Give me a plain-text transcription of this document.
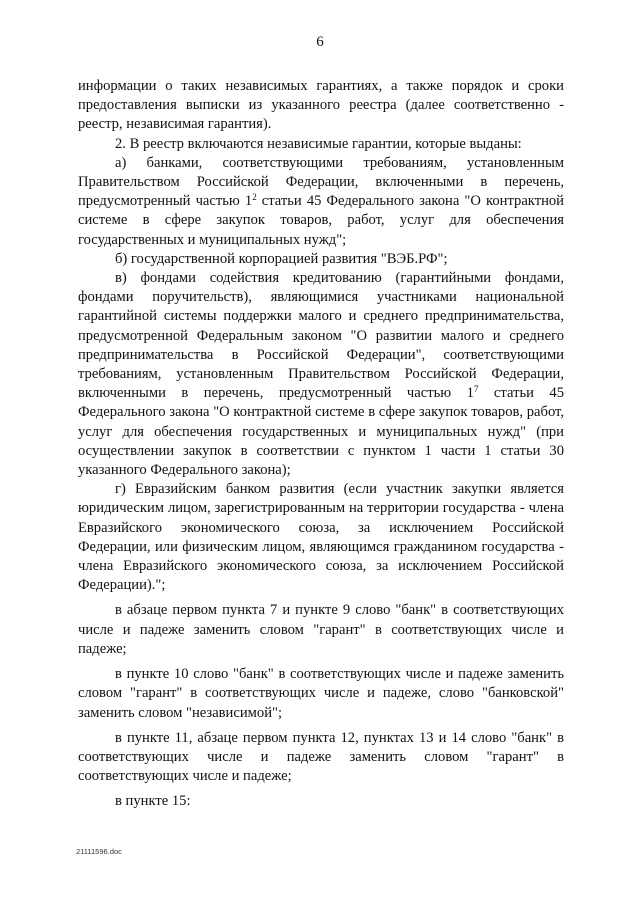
6

информации о таких независимых гарантиях, а также порядок и сроки предоставления выписки из указанного реестра (далее соответственно - реестр, независимая гарантия).

2. В реестр включаются независимые гарантии, которые выданы:

а) банками, соответствующими требованиям, установленным Правительством Российской Федерации, включенными в перечень, предусмотренный частью $1^2$ статьи 45 Федерального закона "О контрактной системе в сфере закупок товаров, работ, услуг для обеспечения государственных и муниципальных нужд";

б) государственной корпорацией развития "ВЭБ.РФ";

в) фондами содействия кредитованию (гарантийными фондами, фондами поручительств), являющимися участниками национальной гарантийной системы поддержки малого и среднего предпринимательства, предусмотренной Федеральным законом "О развитии малого и среднего предпринимательства в Российской Федерации", соответствующими требованиям, установленным Правительством Российской Федерации, включенными в перечень, предусмотренный частью $1^7$ статьи 45 Федерального закона "О контрактной системе в сфере закупок товаров, работ, услуг для обеспечения государственных и муниципальных нужд" (при осуществлении закупок в соответствии с пунктом 1 части 1 статьи 30 указанного Федерального закона);

г) Евразийским банком развития (если участник закупки является юридическим лицом, зарегистрированным на территории государства - члена Евразийского экономического союза, за исключением Российской Федерации, или физическим лицом, являющимся гражданином государства - члена Евразийского экономического союза, за исключением Российской Федерации).";

в абзаце первом пункта 7 и пункте 9 слово "банк" в соответствующих числе и падеже заменить словом "гарант" в соответствующих числе и падеже;

в пункте 10 слово "банк" в соответствующих числе и падеже заменить словом "гарант" в соответствующих числе и падеже, слово "банковской" заменить словом "независимой";

в пункте 11, абзаце первом пункта 12, пунктах 13 и 14 слово "банк" в соответствующих числе и падеже заменить словом "гарант" в соответствующих числе и падеже;

в пункте 15:

21111596.doc
